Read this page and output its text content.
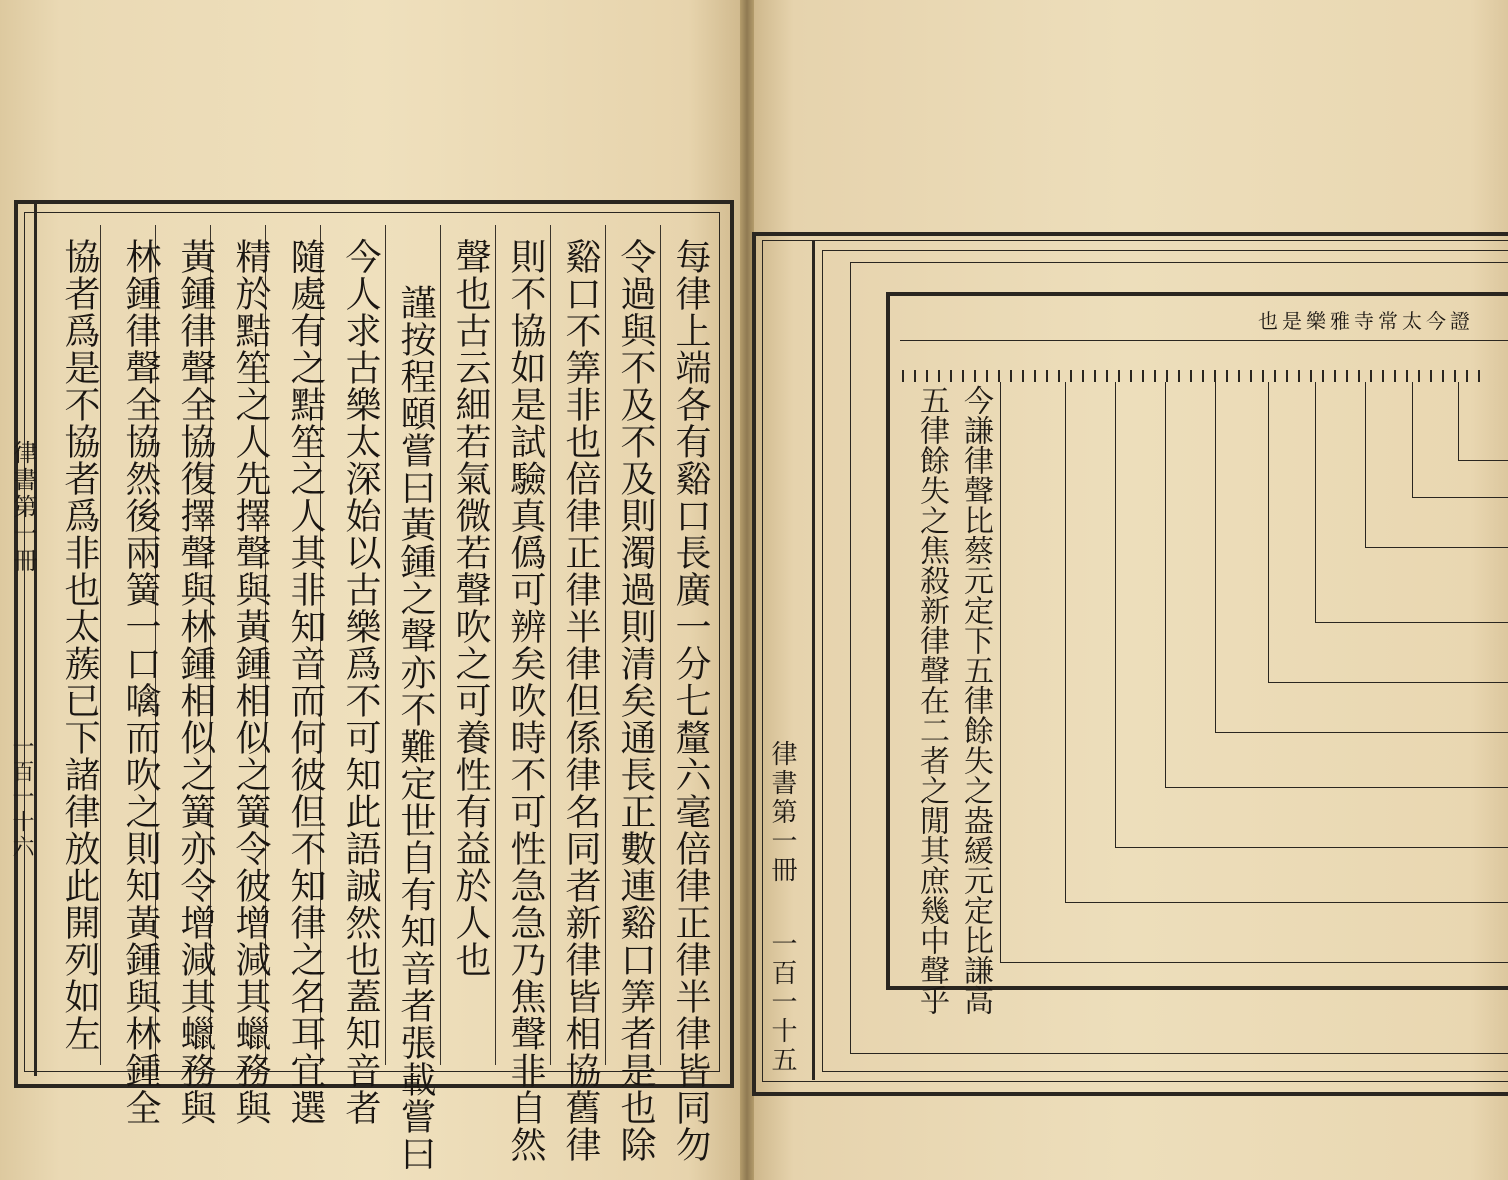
律書第一冊
一百一十六	每律上端各有谿口長廣一分七釐六毫倍律正律半律皆同勿
令過與不及不及則濁過則清矣通長正數連谿口筭者是也除
谿口不筭非也倍律正律半律但係律名同者新律皆相協舊律
則不協如是試驗真僞可辨矣吹時不可性急急乃焦聲非自然
聲也古云細若氣微若聲吹之可養性有益於人也
謹按程頤嘗曰黃鍾之聲亦不難定世自有知音者張載嘗曰
今人求古樂太深始以古樂爲不可知此語誠然也蓋知音者
隨處有之黠笙之人其非知音而何彼但不知律之名耳宜選
精於黠笙之人先擇聲與黃鍾相似之簧令彼增減其蠟務與
黃鍾律聲全協復擇聲與林鍾相似之簧亦令增減其蠟務與
林鍾律聲全協然後兩簧一口噙而吹之則知黃鍾與林鍾全
協者爲是不協者爲非也太蔟已下諸律放此開列如左	律書第一冊
一百一十五
也是樂雅寺常太今證
今謙律聲比蔡元定下五律餘失之盎緩元定比謙高
五律餘失之焦殺新律聲在二者之閒其庶幾中聲乎
